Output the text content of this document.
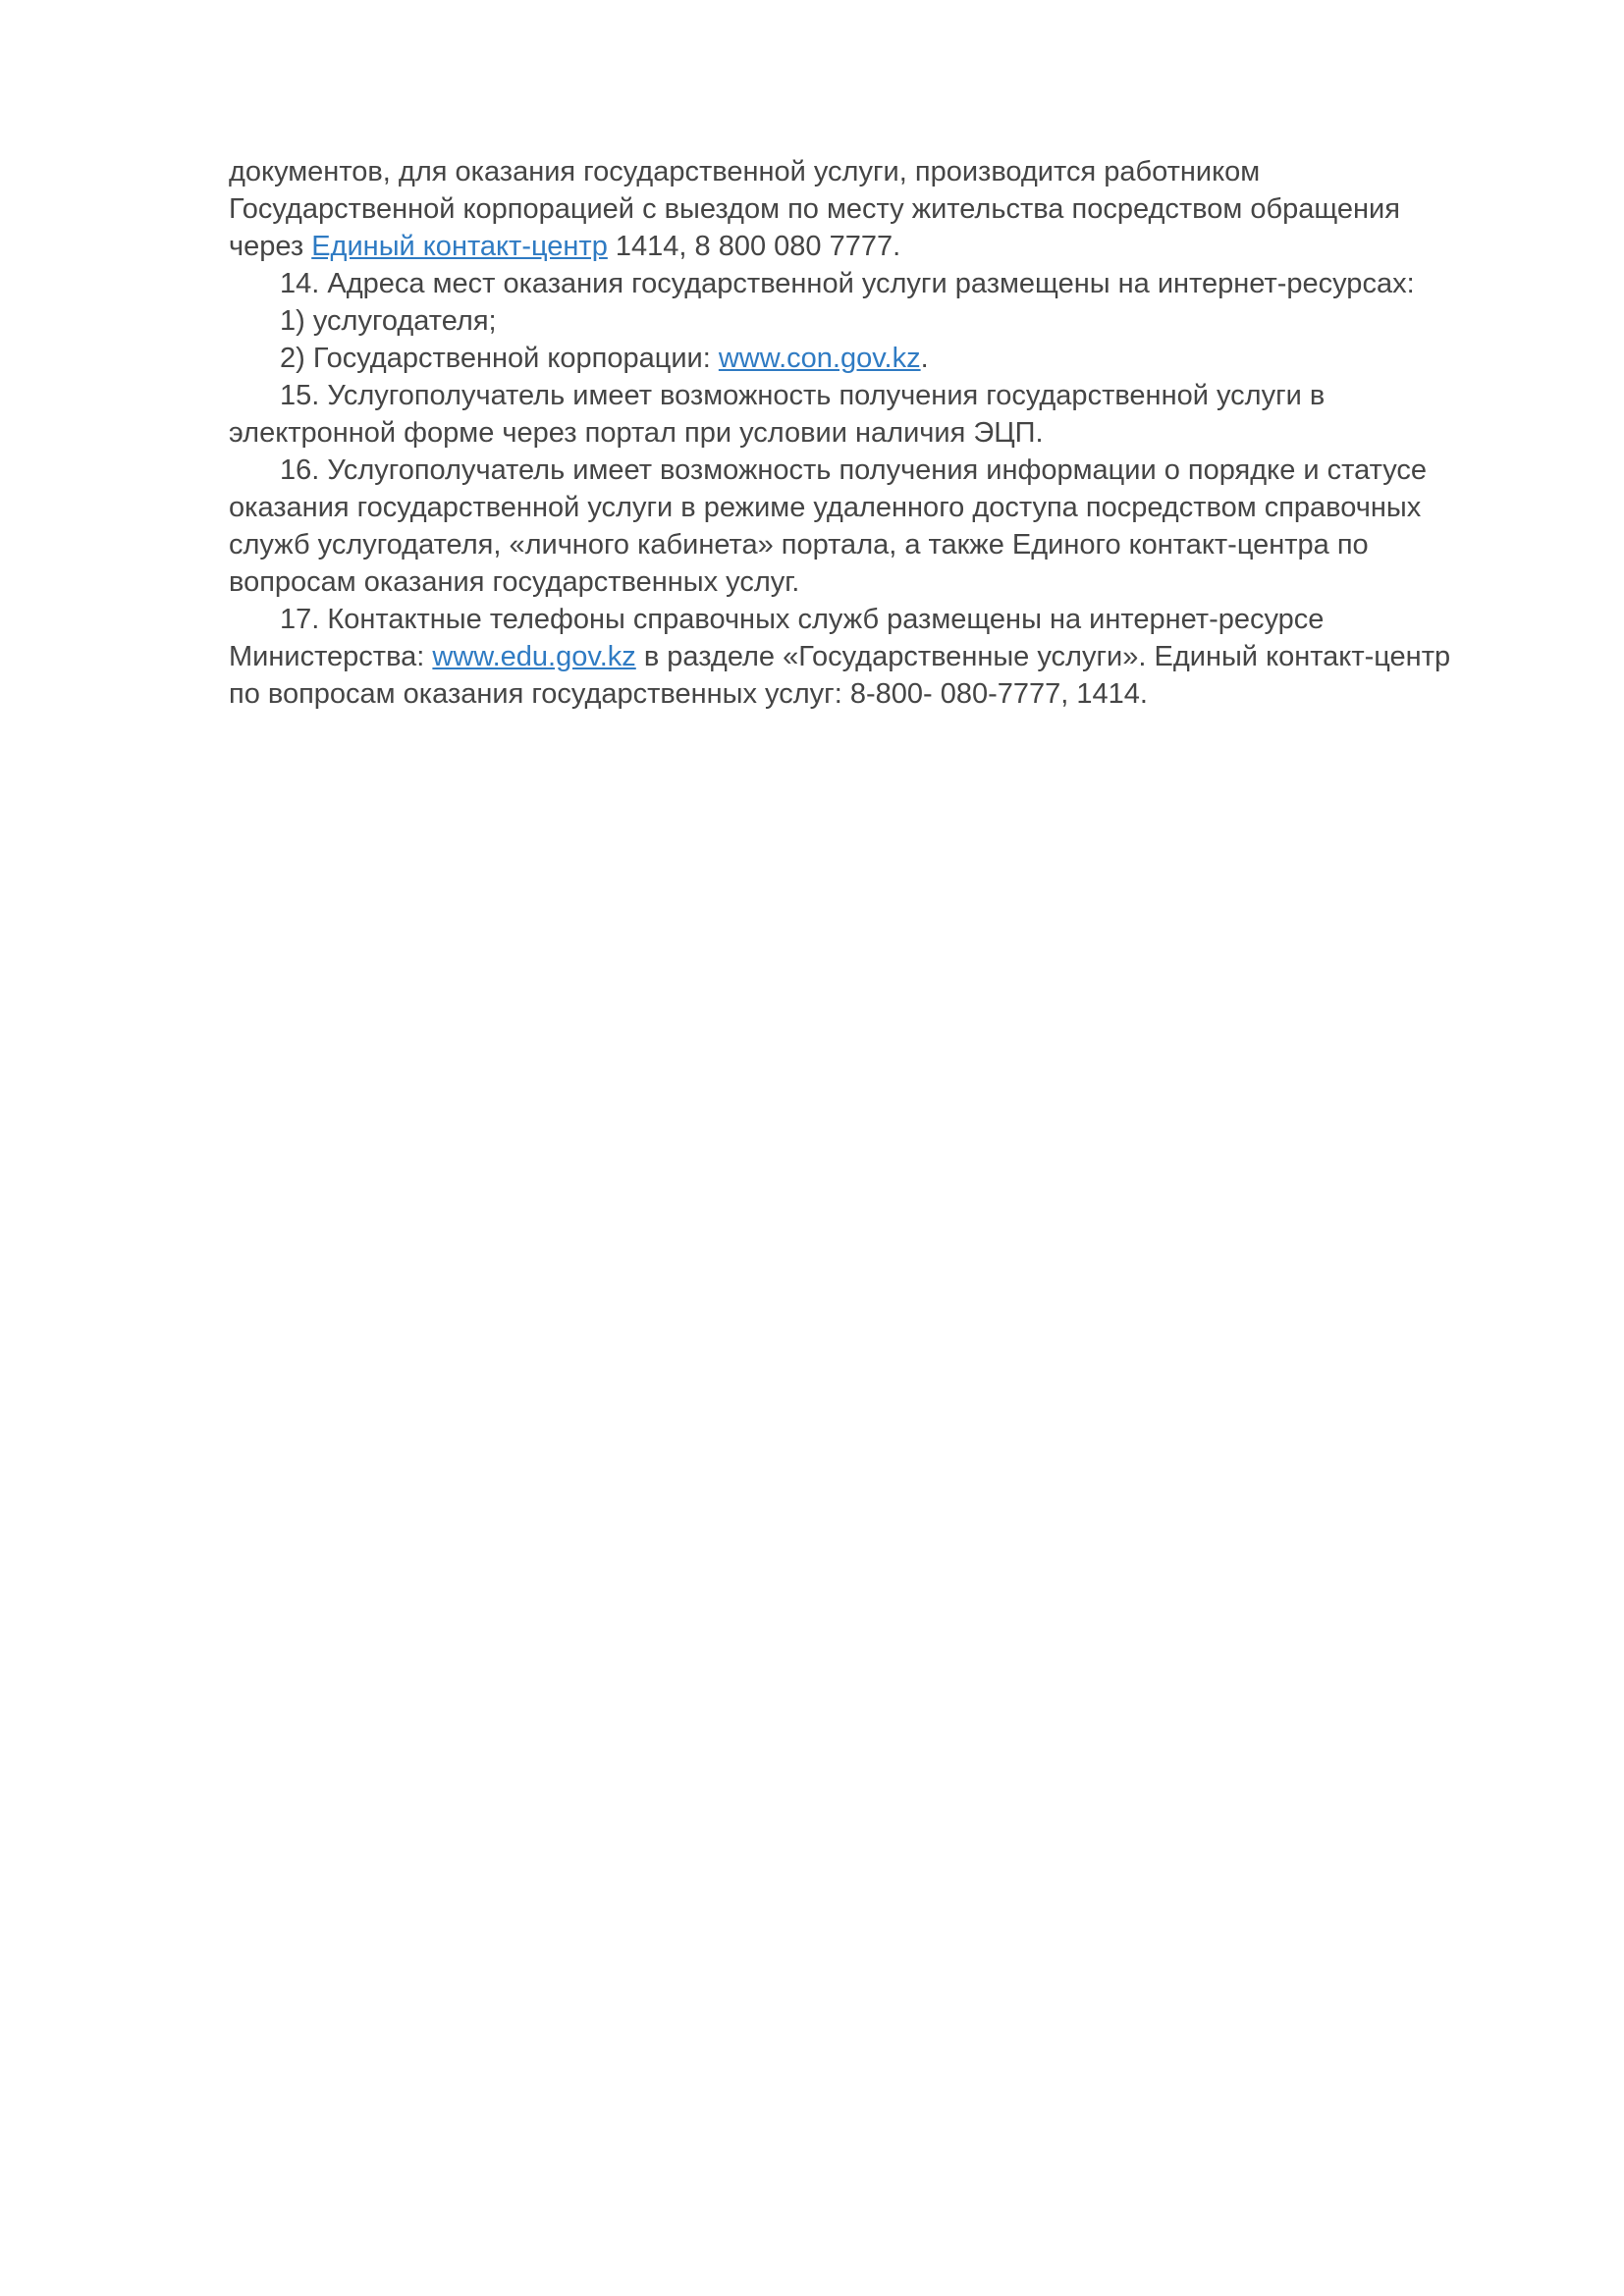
документов, для оказания государственной услуги, производится работником Государственной корпорацией с выездом по месту жительства посредством обращения через Единый контакт-центр 1414, 8 800 080 7777.

14. Адреса мест оказания государственной услуги размещены на интернет-ресурсах:

1) услугодателя;

2) Государственной корпорации: www.con.gov.kz.

15. Услугополучатель имеет возможность получения государственной услуги в электронной форме через портал при условии наличия ЭЦП.

16. Услугополучатель имеет возможность получения информации о порядке и статусе оказания государственной услуги в режиме удаленного доступа посредством справочных служб услугодателя, «личного кабинета» портала, а также Единого контакт-центра по вопросам оказания государственных услуг.

17. Контактные телефоны справочных служб размещены на интернет-ресурсе Министерства: www.edu.gov.kz в разделе «Государственные услуги». Единый контакт-центр по вопросам оказания государственных услуг: 8-800- 080-7777, 1414.
